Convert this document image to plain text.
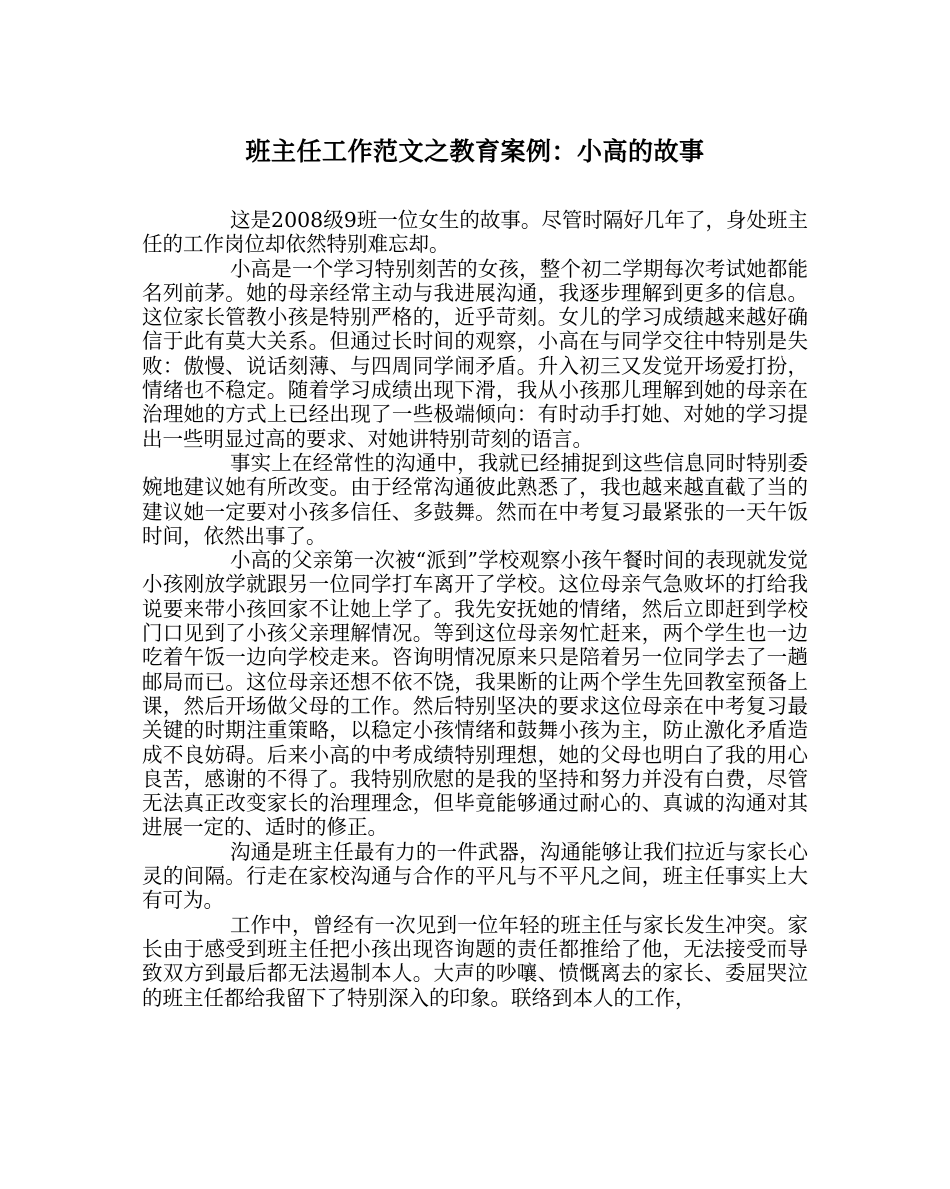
班主任工作范文之教育案例：小高的故事

这是2008级9班一位女生的故事。尽管时隔好几年了，身处班主任的工作岗位却依然特别难忘却。

小高是一个学习特别刻苦的女孩，整个初二学期每次考试她都能名列前茅。她的母亲经常主动与我进展沟通，我逐步理解到更多的信息。这位家长管教小孩是特别严格的，近乎苛刻。女儿的学习成绩越来越好确信于此有莫大关系。但通过长时间的观察，小高在与同学交往中特别是失败：傲慢、说话刻薄、与四周同学闹矛盾。升入初三又发觉开场爱打扮，情绪也不稳定。随着学习成绩出现下滑，我从小孩那儿理解到她的母亲在治理她的方式上已经出现了一些极端倾向：有时动手打她、对她的学习提出一些明显过高的要求、对她讲特别苛刻的语言。

事实上在经常性的沟通中，我就已经捕捉到这些信息同时特别委婉地建议她有所改变。由于经常沟通彼此熟悉了，我也越来越直截了当的建议她一定要对小孩多信任、多鼓舞。然而在中考复习最紧张的一天午饭时间，依然出事了。

小高的父亲第一次被“派到”学校观察小孩午餐时间的表现就发觉小孩刚放学就跟另一位同学打车离开了学校。这位母亲气急败坏的打给我说要来带小孩回家不让她上学了。我先安抚她的情绪，然后立即赶到学校门口见到了小孩父亲理解情况。等到这位母亲匆忙赶来，两个学生也一边吃着午饭一边向学校走来。咨询明情况原来只是陪着另一位同学去了一趟邮局而已。这位母亲还想不依不饶，我果断的让两个学生先回教室预备上课，然后开场做父母的工作。然后特别坚决的要求这位母亲在中考复习最关键的时期注重策略，以稳定小孩情绪和鼓舞小孩为主，防止激化矛盾造成不良妨碍。后来小高的中考成绩特别理想，她的父母也明白了我的用心良苦，感谢的不得了。我特别欣慰的是我的坚持和努力并没有白费，尽管无法真正改变家长的治理理念，但毕竟能够通过耐心的、真诚的沟通对其进展一定的、适时的修正。

沟通是班主任最有力的一件武器，沟通能够让我们拉近与家长心灵的间隔。行走在家校沟通与合作的平凡与不平凡之间，班主任事实上大有可为。

工作中，曾经有一次见到一位年轻的班主任与家长发生冲突。家长由于感受到班主任把小孩出现咨询题的责任都推给了他，无法接受而导致双方到最后都无法遏制本人。大声的吵嚷、愤慨离去的家长、委屈哭泣的班主任都给我留下了特别深入的印象。联络到本人的工作，
